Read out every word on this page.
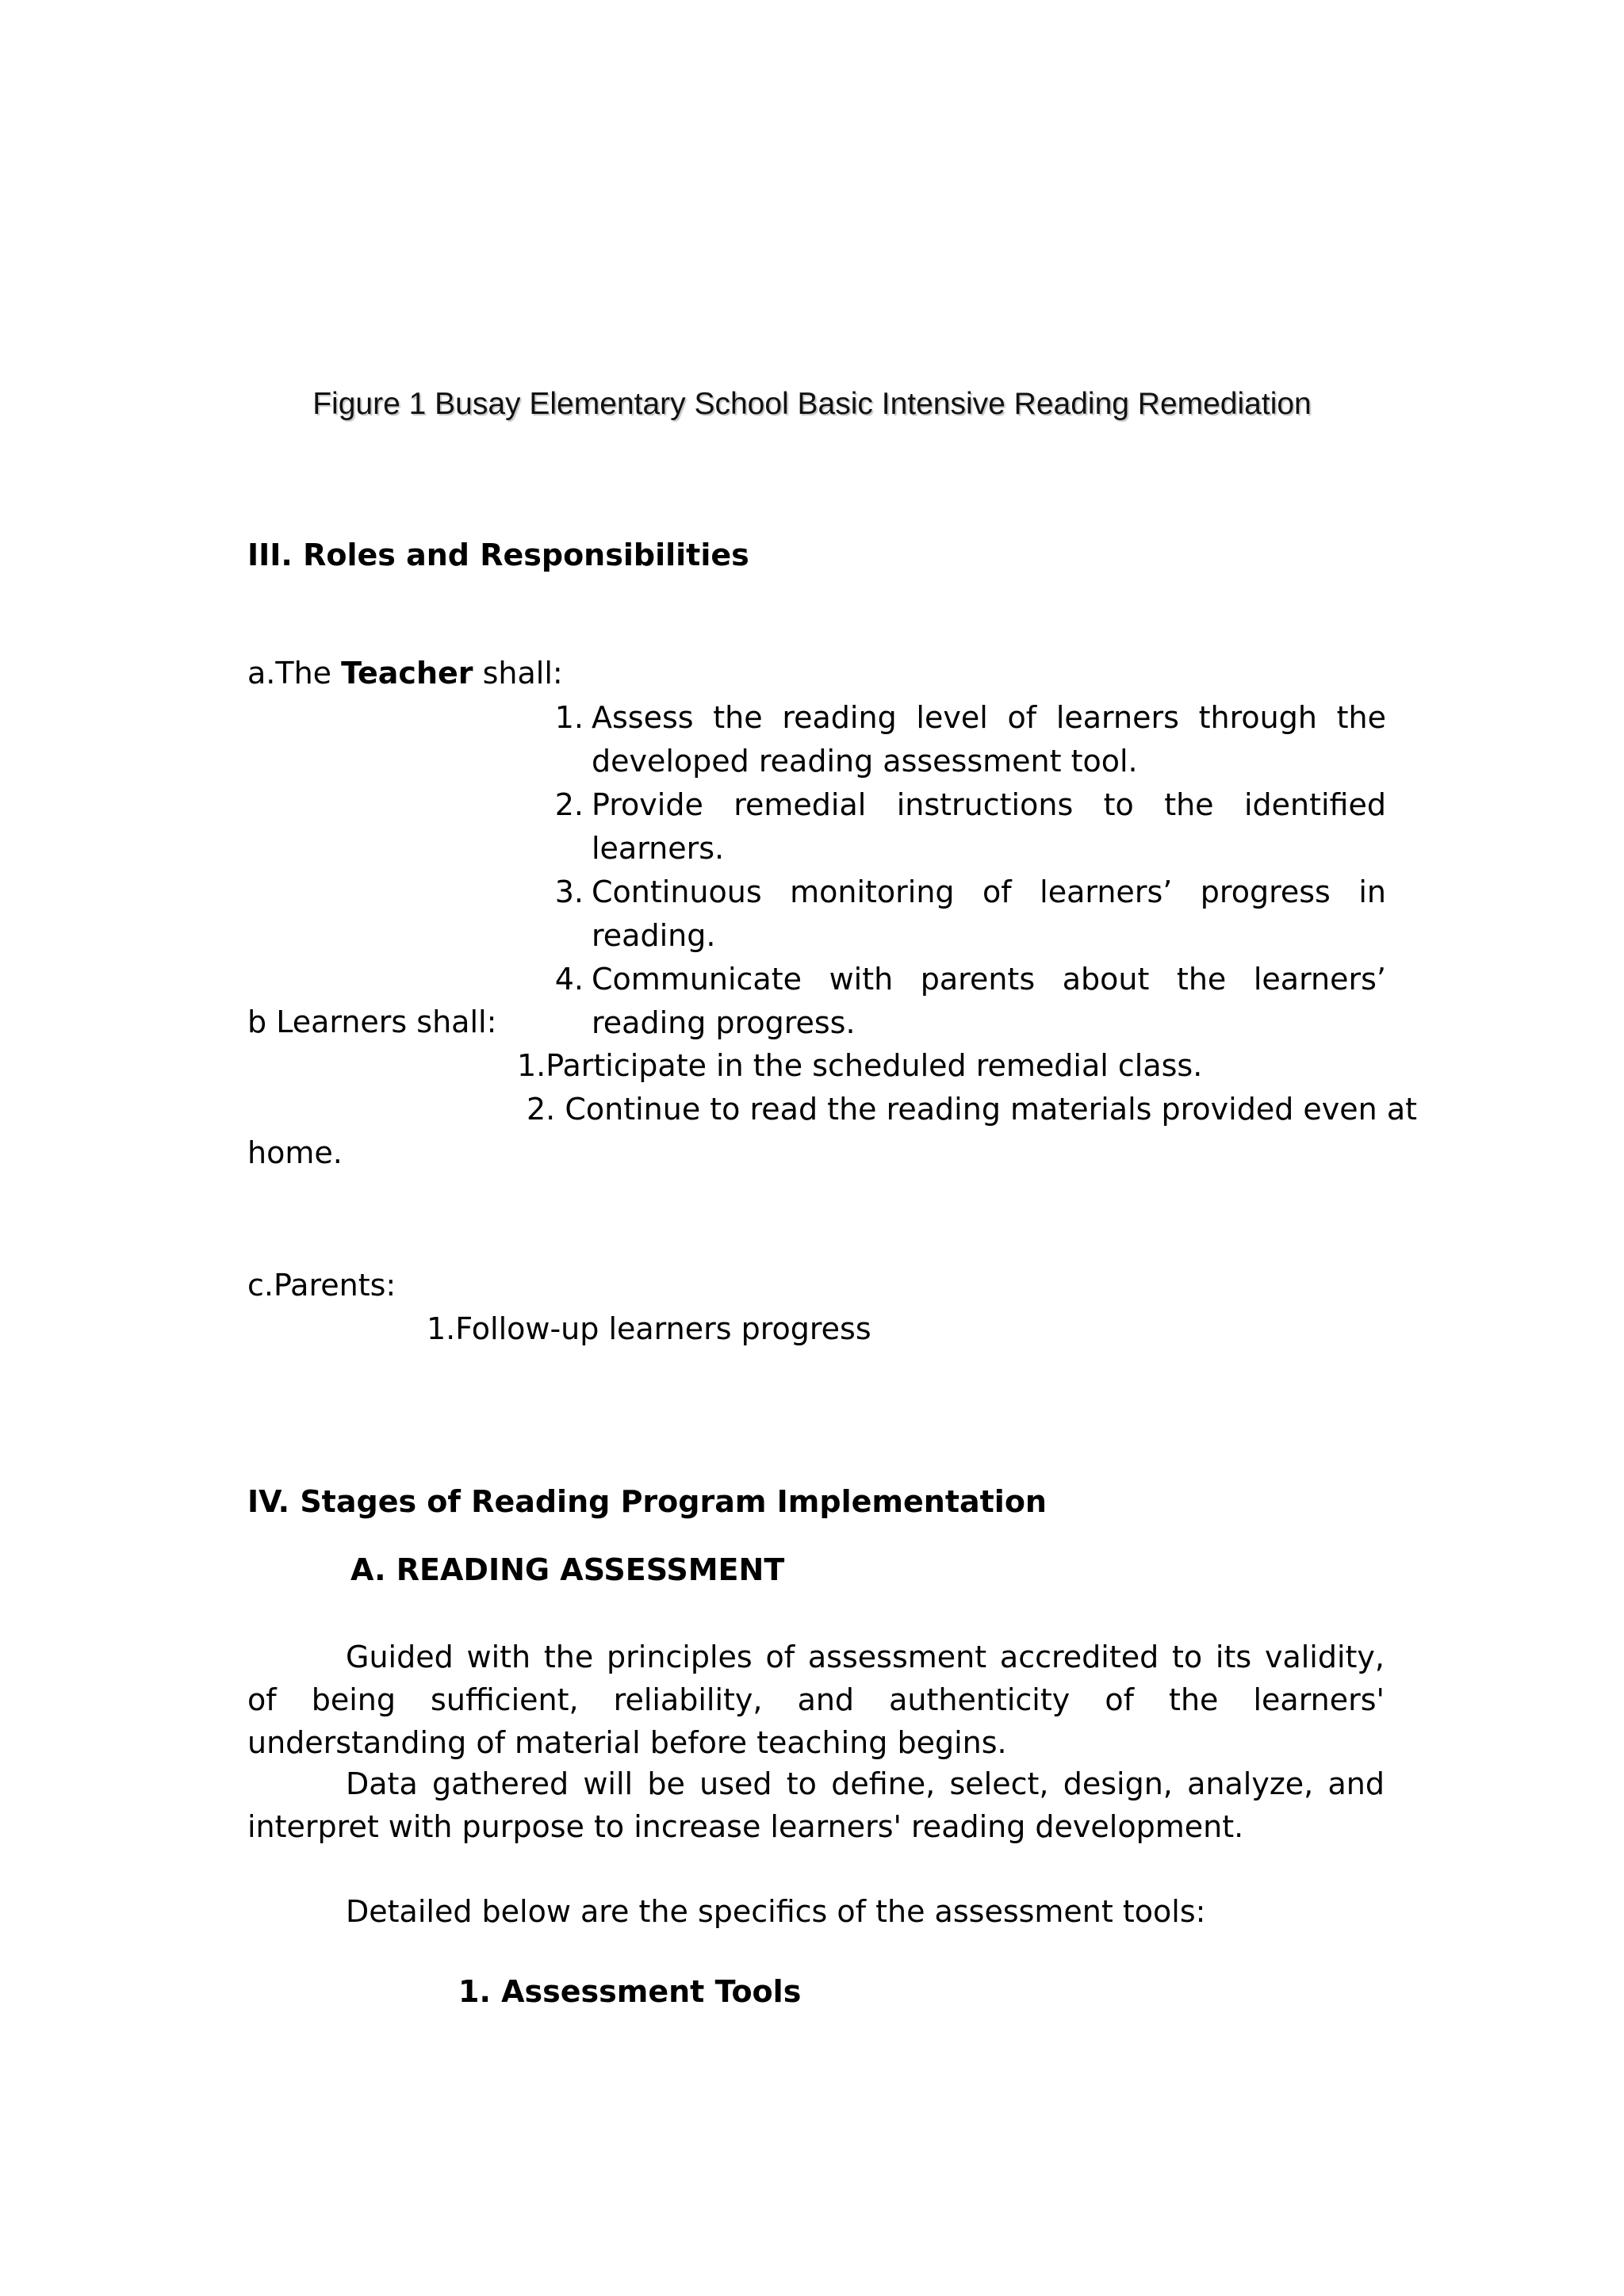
Figure 1 Busay Elementary School Basic Intensive Reading Remediation
III. Roles and Responsibilities
a.The Teacher shall:
1. Assess the reading level of learners through the developed reading assessment tool.
2. Provide remedial instructions to the identified learners.
3. Continuous monitoring of learners’ progress in reading.
4. Communicate with parents about the learners’ reading progress.
b Learners shall:
1.Participate in the scheduled remedial class.
2. Continue to read the reading materials provided even at
home.
c.Parents:
1.Follow-up learners progress
IV. Stages of Reading Program Implementation
A. READING ASSESSMENT
Guided with the principles of assessment accredited to its validity, of being sufficient, reliability, and authenticity of the learners' understanding of material before teaching begins.
Data gathered will be used to define, select, design, analyze, and interpret with purpose to increase learners' reading development.
Detailed below are the specifics of the assessment tools:
1. Assessment Tools
